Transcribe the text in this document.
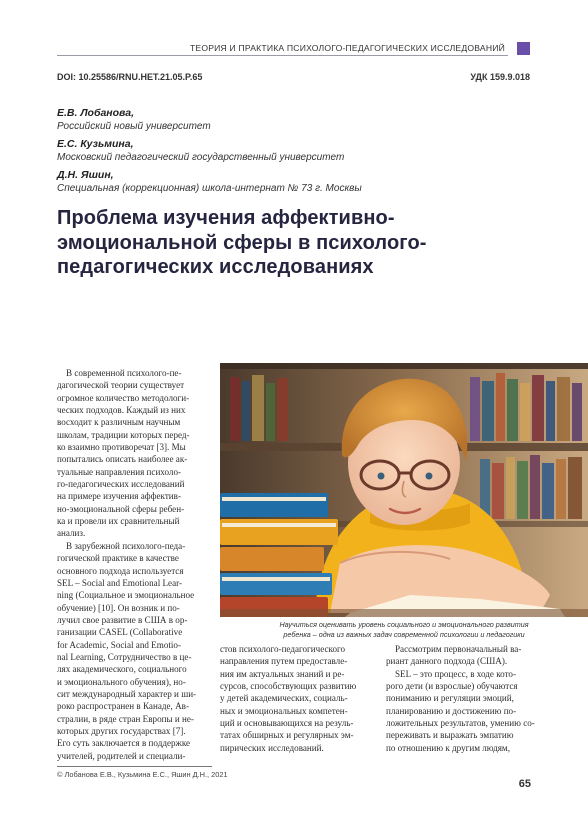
ТЕОРИЯ И ПРАКТИКА ПСИХОЛОГО-ПЕДАГОГИЧЕСКИХ ИССЛЕДОВАНИЙ
DOI: 10.25586/RNU.HET.21.05.P.65	УДК 159.9.018
Е.В. Лобанова,
Российский новый университет
Е.С. Кузьмина,
Московский педагогический государственный университет
Д.Н. Яшин,
Специальная (коррекционная) школа-интернат № 73 г. Москвы
Проблема изучения аффективно-
эмоциональной сферы в психолого-
педагогических исследованиях
Научиться оценивать уровень социального и эмоционального развития
ребенка – одна из важных задач современной психологии и педагогики
В современной психолого-пе-
дагогической теории существует
огромное количество методологи-
ческих подходов. Каждый из них
восходит к различным научным
школам, традиции которых перед-
ко взаимно противоречат [3]. Мы
попытались описать наиболее ак-
туальные направления психоло-
го-педагогических исследований
на примере изучения аффектив-
но-эмоциональной сферы ребен-
ка и провели их сравнительный
анализ.
В зарубежной психолого-педа-
гогической практике в качестве
основного подхода используется
SEL – Social and Emotional Lear-
ning (Социальное и эмоциональное
обучение) [10]. Он возник и по-
лучил свое развитие в США в ор-
ганизации CASEL (Collaborative
for Academic, Social and Emotio-
nal Learning, Сотрудничество в це-
лях академического, социального
и эмоционального обучения), но-
сит международный характер и ши-
роко распространен в Канаде, Ав-
стралии, в ряде стран Европы и не-
которых других государствах [7].
Его суть заключается в поддержке
учителей, родителей и специали-
стов психолого-педагогического
направления путем предоставле-
ния им актуальных знаний и ре-
сурсов, способствующих развитию
у детей академических, социаль-
ных и эмоциональных компетен-
ций и основывающихся на резуль-
татах обширных и регулярных эм-
пирических исследований.
Рассмотрим первоначальный ва-
риант данного подхода (США).
SEL – это процесс, в ходе кото-
рого дети (и взрослые) обучаются
пониманию и регуляции эмоций,
планированию и достижению по-
ложительных результатов, умению со-
переживать и выражать эмпатию
по отношению к другим людям,
© Лобанова Е.В., Кузьмина Е.С., Яшин Д.Н., 2021
65
